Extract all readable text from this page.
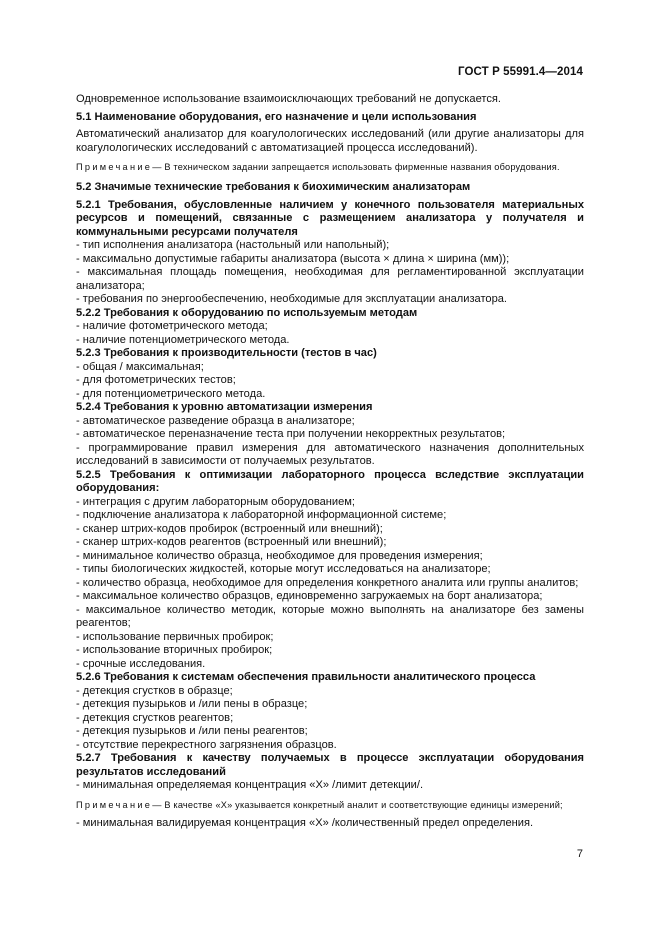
ГОСТ Р 55991.4—2014
Одновременное использование взаимоисключающих требований не допускается.
5.1 Наименование оборудования, его назначение и цели использования
Автоматический анализатор для коагулологических исследований (или другие анализаторы для коагулологических исследований с автоматизацией процесса исследований).
Примечание— В техническом задании запрещается использовать фирменные названия оборудования.
5.2 Значимые технические требования к биохимическим анализаторам
5.2.1 Требования, обусловленные наличием у конечного пользователя материальных ресурсов и помещений, связанные с размещением анализатора у получателя и коммунальными ресурсами получателя
- тип исполнения анализатора (настольный или напольный);
- максимально допустимые габариты анализатора (высота × длина × ширина (мм));
- максимальная площадь помещения, необходимая для регламентированной эксплуатации анализатора;
- требования по энергообеспечению, необходимые для эксплуатации анализатора.
5.2.2 Требования к оборудованию по используемым методам
- наличие фотометрического метода;
- наличие потенциометрического метода.
5.2.3 Требования к производительности (тестов в час)
- общая / максимальная;
- для фотометрических тестов;
- для потенциометрического метода.
5.2.4 Требования к уровню автоматизации измерения
- автоматическое разведение образца в анализаторе;
- автоматическое переназначение теста при получении некорректных результатов;
- программирование правил измерения для автоматического назначения дополнительных исследований в зависимости от получаемых результатов.
5.2.5 Требования к оптимизации лабораторного процесса вследствие эксплуатации оборудования:
- интеграция с другим лабораторным оборудованием;
- подключение анализатора к лабораторной информационной системе;
- сканер штрих-кодов пробирок (встроенный или внешний);
- сканер штрих-кодов реагентов (встроенный или внешний);
- минимальное количество образца, необходимое для проведения измерения;
- типы биологических жидкостей, которые могут исследоваться на анализаторе;
- количество образца, необходимое для определения конкретного аналита или группы аналитов;
- максимальное количество образцов, единовременно загружаемых на борт анализатора;
- максимальное количество методик, которые можно выполнять на анализаторе без замены реагентов;
- использование первичных пробирок;
- использование вторичных пробирок;
- срочные исследования.
5.2.6 Требования к системам обеспечения правильности аналитического процесса
- детекция сгустков в образце;
- детекция пузырьков и /или пены в образце;
- детекция сгустков реагентов;
- детекция пузырьков и /или пены реагентов;
- отсутствие перекрестного загрязнения образцов.
5.2.7 Требования к качеству получаемых в процессе эксплуатации оборудования результатов исследований
- минимальная определяемая концентрация «Х» /лимит детекции/.
Примечание— В качестве «Х» указывается конкретный аналит и соответствующие единицы измерений;
- минимальная валидируемая концентрация «Х» /количественный предел определения.
7
